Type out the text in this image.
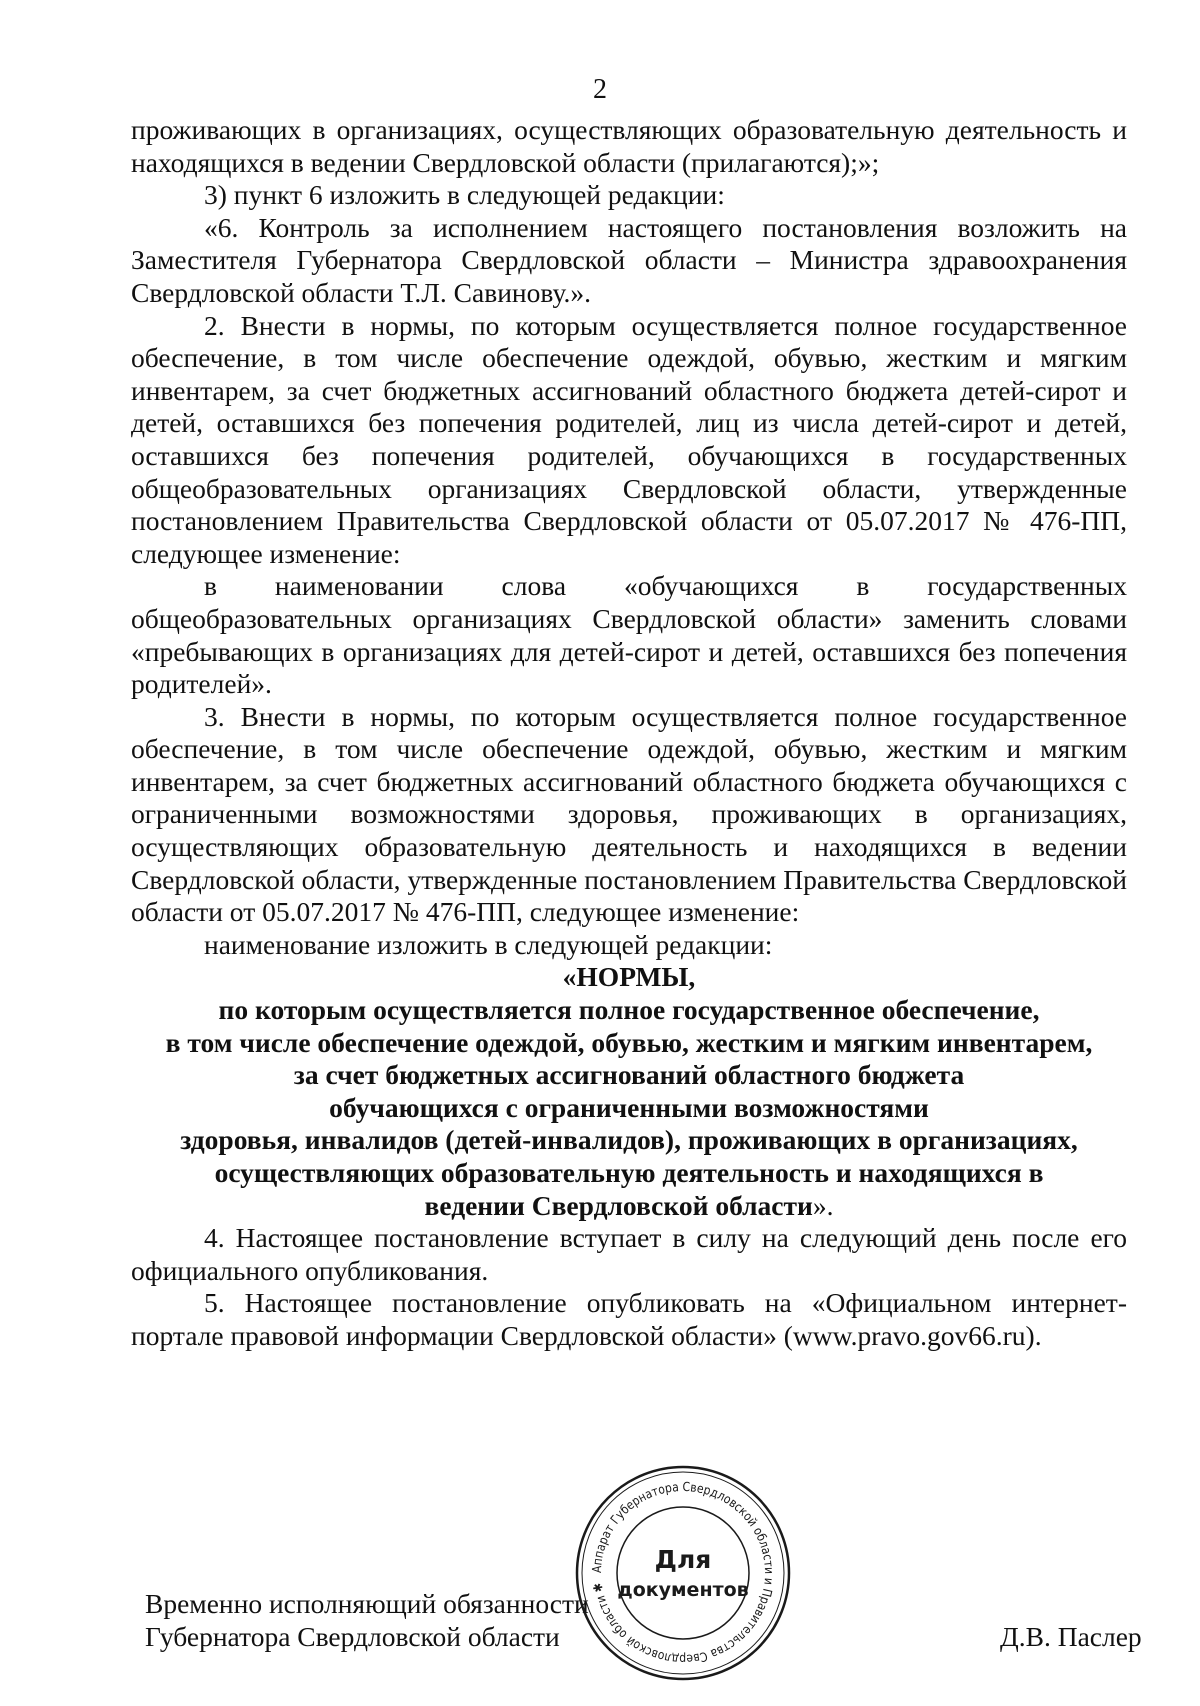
2

проживающих в организациях, осуществляющих образовательную деятельность и находящихся в ведении Свердловской области (прилагаются);»;

3) пункт 6 изложить в следующей редакции:

«6. Контроль за исполнением настоящего постановления возложить на Заместителя Губернатора Свердловской области – Министра здравоохранения Свердловской области Т.Л. Савинову.».

2. Внести в нормы, по которым осуществляется полное государственное обеспечение, в том числе обеспечение одеждой, обувью, жестким и мягким инвентарем, за счет бюджетных ассигнований областного бюджета детей-сирот и детей, оставшихся без попечения родителей, лиц из числа детей-сирот и детей, оставшихся без попечения родителей, обучающихся в государственных общеобразовательных организациях Свердловской области, утвержденные постановлением Правительства Свердловской области от 05.07.2017 № 476-ПП, следующее изменение:

в наименовании слова «обучающихся в государственных общеобразовательных организациях Свердловской области» заменить словами «пребывающих в организациях для детей-сирот и детей, оставшихся без попечения родителей».

3. Внести в нормы, по которым осуществляется полное государственное обеспечение, в том числе обеспечение одеждой, обувью, жестким и мягким инвентарем, за счет бюджетных ассигнований областного бюджета обучающихся с ограниченными возможностями здоровья, проживающих в организациях, осуществляющих образовательную деятельность и находящихся в ведении Свердловской области, утвержденные постановлением Правительства Свердловской области от 05.07.2017 № 476-ПП, следующее изменение:

наименование изложить в следующей редакции:

«НОРМЫ,

по которым осуществляется полное государственное обеспечение,

в том числе обеспечение одеждой, обувью, жестким и мягким инвентарем,

за счет бюджетных ассигнований областного бюджета

обучающихся с ограниченными возможностями

здоровья, инвалидов (детей-инвалидов), проживающих в организациях,

осуществляющих образовательную деятельность и находящихся в

ведении Свердловской области».

4. Настоящее постановление вступает в силу на следующий день после его официального опубликования.

5. Настоящее постановление опубликовать на «Официальном интернет-портале правовой информации Свердловской области» (www.pravo.gov66.ru).

Временно исполняющий обязанности
Губернатора Свердловской области	Д.В. Паслер
Аппарат Губернатора Свердловской области и Правительства Свердловской области ✱
Для
документов
